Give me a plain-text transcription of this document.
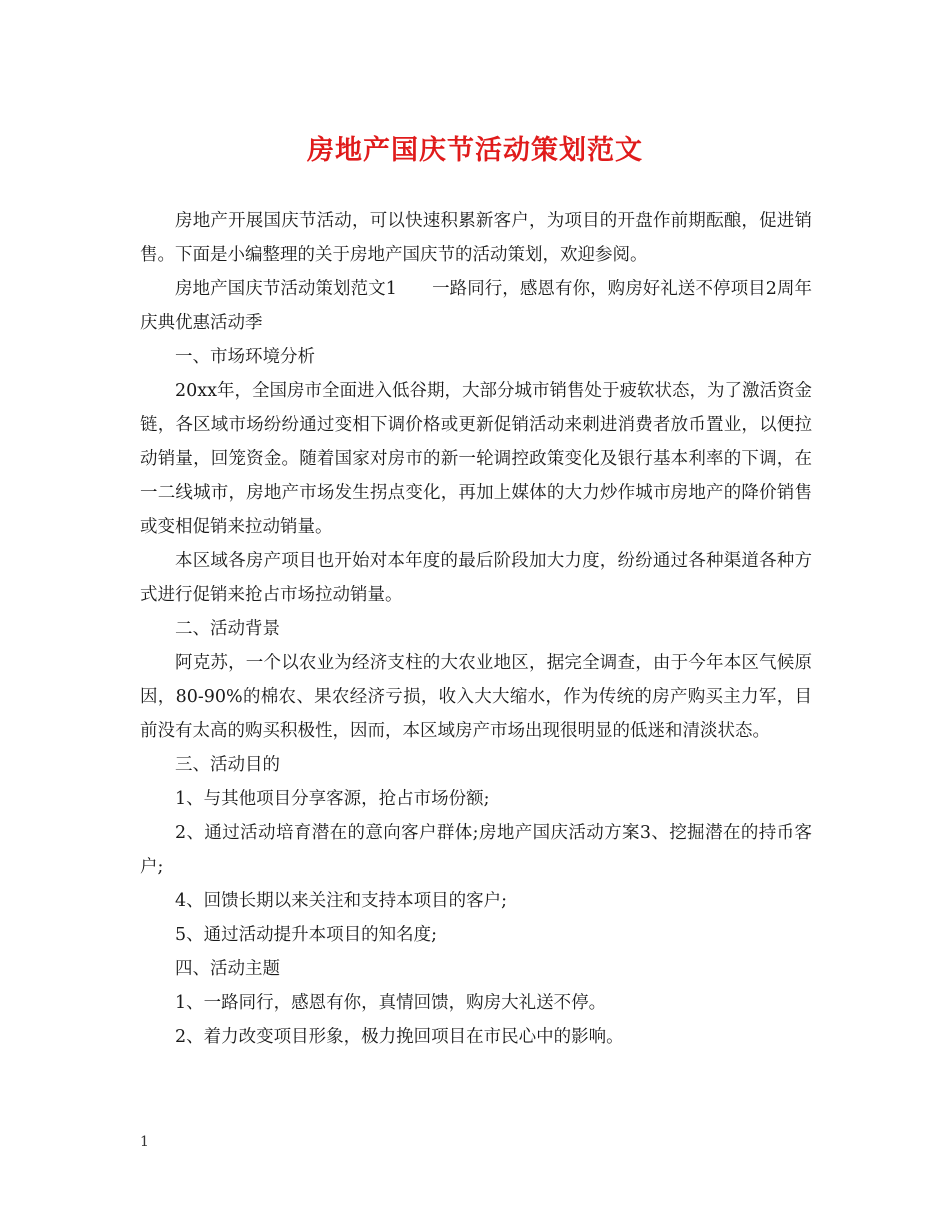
房地产国庆节活动策划范文

房地产开展国庆节活动，可以快速积累新客户，为项目的开盘作前期酝酿，促进销售。下面是小编整理的关于房地产国庆节的活动策划，欢迎参阅。

房地产国庆节活动策划范文1　　一路同行，感恩有你，购房好礼送不停项目2周年庆典优惠活动季

一、市场环境分析

20xx年，全国房市全面进入低谷期，大部分城市销售处于疲软状态，为了激活资金链，各区域市场纷纷通过变相下调价格或更新促销活动来刺进消费者放币置业，以便拉动销量，回笼资金。随着国家对房市的新一轮调控政策变化及银行基本利率的下调，在一二线城市，房地产市场发生拐点变化，再加上媒体的大力炒作城市房地产的降价销售或变相促销来拉动销量。

本区域各房产项目也开始对本年度的最后阶段加大力度，纷纷通过各种渠道各种方式进行促销来抢占市场拉动销量。

二、活动背景

阿克苏，一个以农业为经济支柱的大农业地区，据完全调查，由于今年本区气候原因，80-90%的棉农、果农经济亏损，收入大大缩水，作为传统的房产购买主力军，目前没有太高的购买积极性，因而，本区域房产市场出现很明显的低迷和清淡状态。

三、活动目的

1、与其他项目分享客源，抢占市场份额;

2、通过活动培育潜在的意向客户群体;房地产国庆活动方案3、挖掘潜在的持币客户;

4、回馈长期以来关注和支持本项目的客户;

5、通过活动提升本项目的知名度;

四、活动主题

1、一路同行，感恩有你，真情回馈，购房大礼送不停。

2、着力改变项目形象，极力挽回项目在市民心中的影响。

1
